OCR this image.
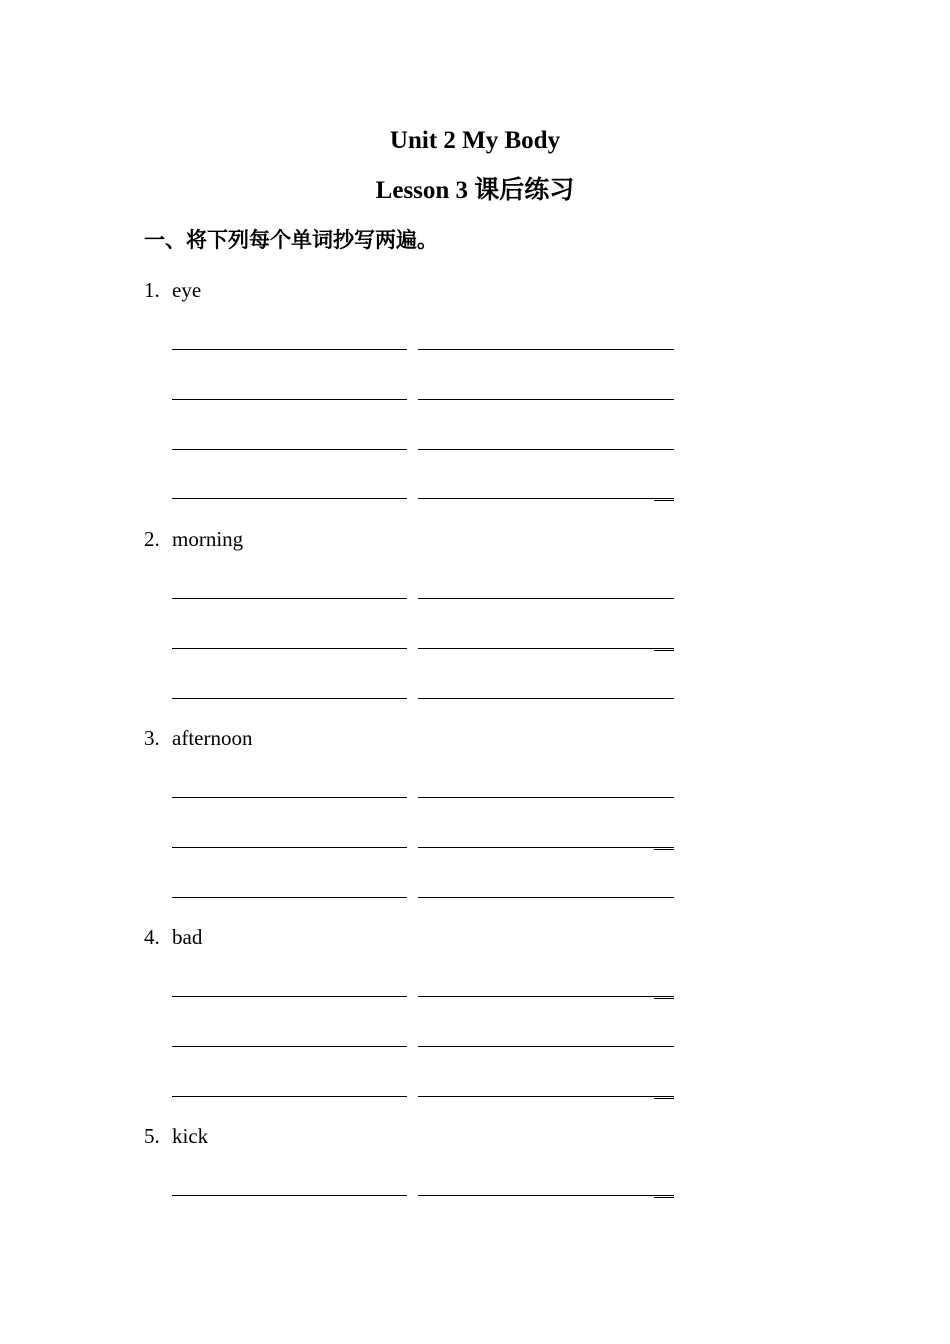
Unit 2 My Body
Lesson 3 课后练习
一、将下列每个单词抄写两遍。
1. eye
2. morning
3. afternoon
4. bad
5. kick
